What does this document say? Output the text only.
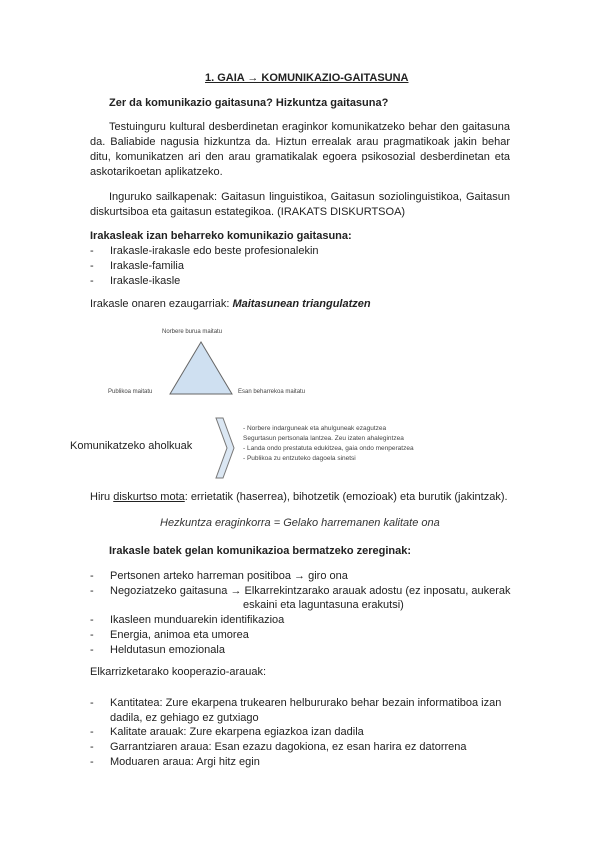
1. GAIA → KOMUNIKAZIO-GAITASUNA
Zer da komunikazio gaitasuna? Hizkuntza gaitasuna?
Testuinguru kultural desberdinetan eraginkor komunikatzeko behar den gaitasuna da. Baliabide nagusia hizkuntza da. Hiztun errealak arau pragmatikoak jakin behar ditu, komunikatzen ari den arau gramatikalak egoera psikosozial desberdinetan eta askotarikoetan aplikatzeko.
Inguruko sailkapenak: Gaitasun linguistikoa, Gaitasun soziolinguistikoa, Gaitasun diskurtsiboa eta gaitasun estategikoa. (IRAKATS DISKURTSOA)
Irakasleak izan beharreko komunikazio gaitasuna:
- Irakasle-irakasle edo beste profesionalekin
- Irakasle-familia
- Irakasle-ikasle
Irakasle onaren ezaugarriak: Maitasunean triangulatzen
Norbere burua maitatu
Publikoa maitatu	Esan beharrekoa maitatu
Komunikatzeko aholkuak
- Norbere indarguneak eta ahulguneak ezagutzea
Segurtasun pertsonala lantzea. Zeu izaten ahalegintzea
- Landa ondo prestatuta edukitzea, gaia ondo menperatzea
- Publikoa zu entzuteko dagoela sinetsi
Hiru diskurtso mota: errietatik (haserrea), bihotzetik (emozioak) eta burutik (jakintzak).
Hezkuntza eraginkorra = Gelako harremanen kalitate ona
Irakasle batek gelan komunikazioa bermatzeko zereginak:
- Pertsonen arteko harreman positiboa → giro ona
- Negoziatzeko gaitasuna → Elkarrekintzarako arauak adostu (ez inposatu, aukerak
eskaini eta laguntasuna erakutsi)
- Ikasleen munduarekin identifikazioa
- Energia, animoa eta umorea
- Heldutasun emozionala
Elkarrizketarako kooperazio-arauak:
- Kantitatea: Zure ekarpena trukearen helbururako behar bezain informatiboa izan
dadila, ez gehiago ez gutxiago
- Kalitate arauak: Zure ekarpena egiazkoa izan dadila
- Garrantziaren araua: Esan ezazu dagokiona, ez esan harira ez datorrena
- Moduaren araua: Argi hitz egin
